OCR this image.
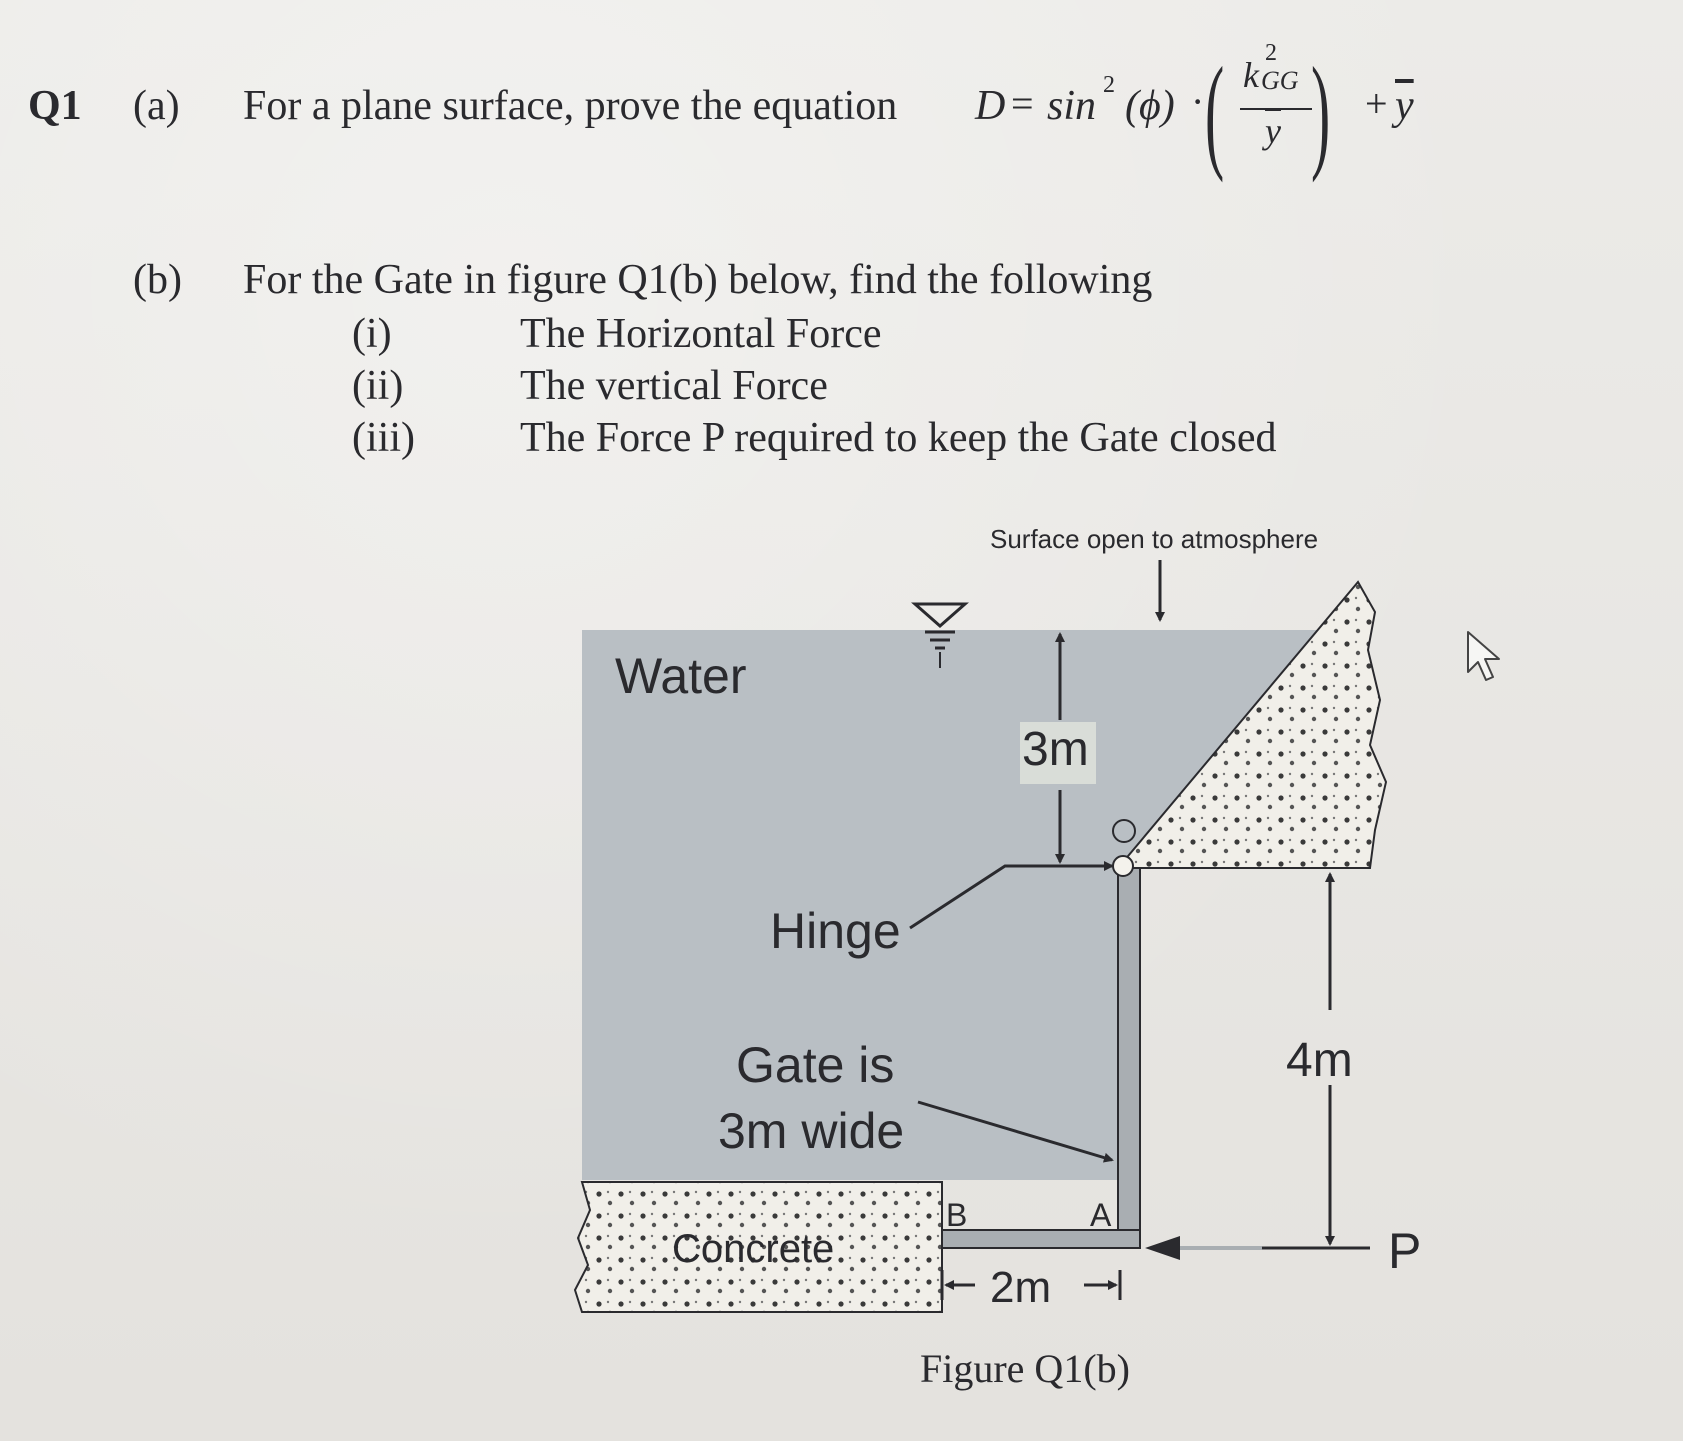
Q1 (a) For a plane surface, prove the equation D = sin 2 (ϕ) · ( k
2
GG
$\overline{y}$ ) + $\overline{y}$
(b) For the Gate in figure Q1(b) below, find the following
(i)	The Horizontal Force
(ii)	The vertical Force
(iii)	The Force P required to keep the Gate closed
Surface open to atmosphere
Water
3m
Hinge
Gate is
3m wide
4m
B	A
Concrete
2m
P
Figure Q1(b)
